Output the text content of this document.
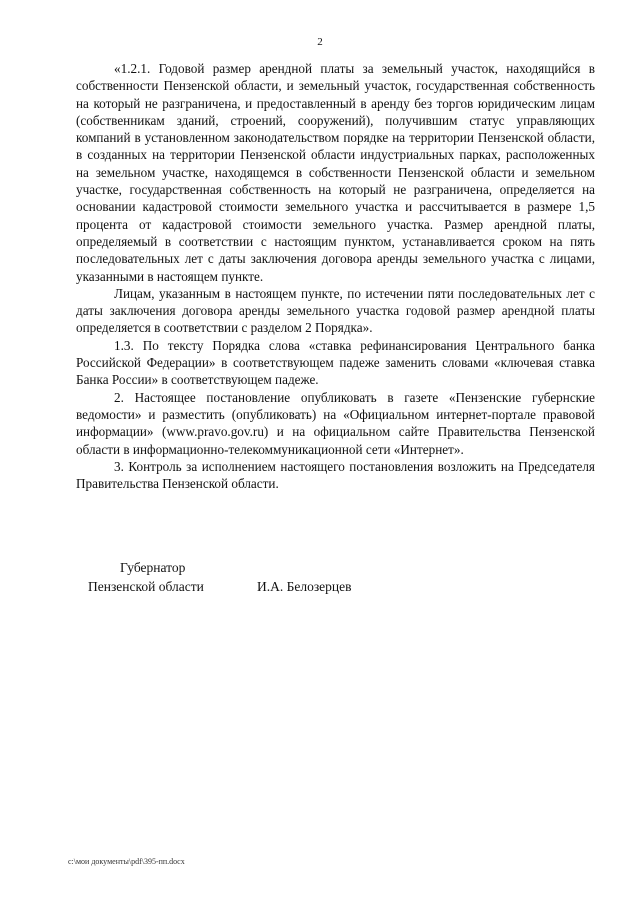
2

«1.2.1. Годовой размер арендной платы за земельный участок, находящийся в собственности Пензенской области, и земельный участок, государственная собственность на который не разграничена, и предоставленный в аренду без торгов юридическим лицам (собственникам зданий, строений, сооружений), получившим статус управляющих компаний в установленном законодательством порядке на территории Пензенской области, в созданных на территории Пензенской области индустриальных парках, расположенных на земельном участке, находящемся в собственности Пензенской области и земельном участке, государственная собственность на который не разграничена, определяется на основании кадастровой стоимости земельного участка и рассчитывается в размере 1,5 процента от кадастровой стоимости земельного участка. Размер арендной платы, определяемый в соответствии с настоящим пунктом, устанавливается сроком на пять последовательных лет с даты заключения договора аренды земельного участка с лицами, указанными в настоящем пункте.

Лицам, указанным в настоящем пункте, по истечении пяти последовательных лет с даты заключения договора аренды земельного участка годовой размер арендной платы определяется в соответствии с разделом 2 Порядка».

1.3. По тексту Порядка слова «ставка рефинансирования Центрального банка Российской Федерации» в соответствующем падеже заменить словами «ключевая ставка Банка России» в соответствующем падеже.

2. Настоящее постановление опубликовать в газете «Пензенские губернские ведомости» и разместить (опубликовать) на «Официальном интернет-портале правовой информации» (www.pravo.gov.ru) и на официальном сайте Правительства Пензенской области в информационно-телекоммуникационной сети «Интернет».

3. Контроль за исполнением настоящего постановления возложить на Председателя Правительства Пензенской области.

Губернатор
Пензенской области	И.А. Белозерцев
c:\мои документы\pdf\395-пп.docx
